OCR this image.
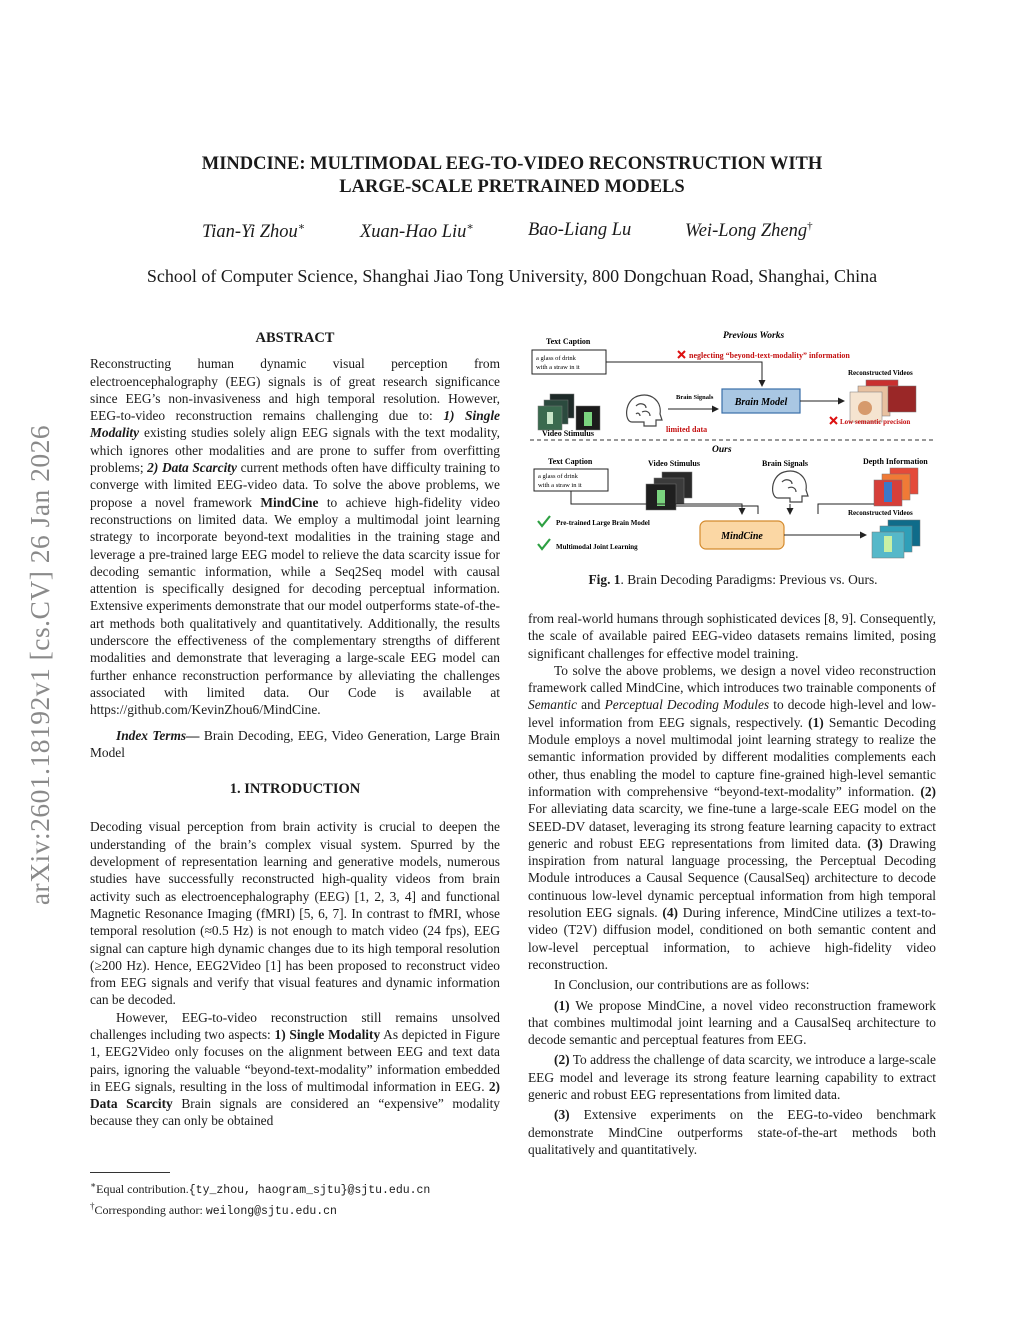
arXiv:2601.18192v1 [cs.CV] 26 Jan 2026
MINDCINE: MULTIMODAL EEG-TO-VIDEO RECONSTRUCTION WITH
LARGE-SCALE PRETRAINED MODELS
Tian-Yi Zhou∗	Xuan-Hao Liu∗	Bao-Liang Lu	Wei-Long Zheng†
School of Computer Science, Shanghai Jiao Tong University, 800 Dongchuan Road, Shanghai, China

ABSTRACT

Reconstructing human dynamic visual perception from electroencephalography (EEG) signals is of great research significance since EEG’s non-invasiveness and high temporal resolution. However, EEG-to-video reconstruction remains challenging due to: 1) Single Modality existing studies solely align EEG signals with the text modality, which ignores other modalities and are prone to suffer from overfitting problems; 2) Data Scarcity current methods often have difficulty training to converge with limited EEG-video data. To solve the above problems, we propose a novel framework MindCine to achieve high-fidelity video reconstructions on limited data. We employ a multimodal joint learning strategy to incorporate beyond-text modalities in the training stage and leverage a pre-trained large EEG model to relieve the data scarcity issue for decoding semantic information, while a Seq2Seq model with causal attention is specifically designed for decoding perceptual information. Extensive experiments demonstrate that our model outperforms state-of-the-art methods both qualitatively and quantitatively. Additionally, the results underscore the effectiveness of the complementary strengths of different modalities and demonstrate that leveraging a large-scale EEG model can further enhance reconstruction performance by alleviating the challenges associated with limited data. Our Code is available at https://github.com/KevinZhou6/MindCine.

Index Terms— Brain Decoding, EEG, Video Generation, Large Brain Model

1. INTRODUCTION

Decoding visual perception from brain activity is crucial to deepen the understanding of the brain’s complex visual system. Spurred by the development of representation learning and generative models, numerous studies have successfully reconstructed high-quality videos from brain activity such as electroencephalography (EEG) [1, 2, 3, 4] and functional Magnetic Resonance Imaging (fMRI) [5, 6, 7]. In contrast to fMRI, whose temporal resolution (≈0.5 Hz) is not enough to match video (24 fps), EEG signal can capture high dynamic changes due to its high temporal resolution (≥200 Hz). Hence, EEG2Video [1] has been proposed to reconstruct video from EEG signals and verify that visual features and dynamic information can be decoded.

However, EEG-to-video reconstruction still remains unsolved challenges including two aspects: 1) Single Modality As depicted in Figure 1, EEG2Video only focuses on the alignment between EEG and text data pairs, ignoring the valuable “beyond-text-modality” information embedded in EEG signals, resulting in the loss of multimodal information in EEG. 2) Data Scarcity Brain signals are considered an “expensive” modality because they can only be obtained

∗Equal contribution.{ty_zhou, haogram_sjtu}@sjtu.edu.cn
†Corresponding author: weilong@sjtu.edu.cn
Previous Works
Text Caption
a glass of drink
with a straw in it
neglecting “beyond-text-modality” information
Video Stimulus
Brain Signals Brain Model
limited data
Reconstructed Videos
Low semantic precision
Ours
Text Caption
a glass of drink
with a straw in it
Video Stimulus	Brain Signals	Depth Information
Reconstructed Videos
MindCine
Pre-trained Large Brain Model
Multimodal Joint Learning
Fig. 1. Brain Decoding Paradigms: Previous vs. Ours.

from real-world humans through sophisticated devices [8, 9]. Consequently, the scale of available paired EEG-video datasets remains limited, posing significant challenges for effective model training.

To solve the above problems, we design a novel video reconstruction framework called MindCine, which introduces two trainable components of Semantic and Perceptual Decoding Modules to decode high-level and low-level information from EEG signals, respectively. (1) Semantic Decoding Module employs a novel multimodal joint learning strategy to realize the semantic information provided by different modalities complements each other, thus enabling the model to capture fine-grained high-level semantic information with comprehensive “beyond-text-modality” information. (2) For alleviating data scarcity, we fine-tune a large-scale EEG model on the SEED-DV dataset, leveraging its strong feature learning capacity to extract generic and robust EEG representations from limited data. (3) Drawing inspiration from natural language processing, the Perceptual Decoding Module introduces a Causal Sequence (CausalSeq) architecture to decode continuous low-level dynamic perceptual information from high temporal resolution EEG signals. (4) During inference, MindCine utilizes a text-to-video (T2V) diffusion model, conditioned on both semantic content and low-level perceptual information, to achieve high-fidelity video reconstruction.

In Conclusion, our contributions are as follows:

(1) We propose MindCine, a novel video reconstruction framework that combines multimodal joint learning and a CausalSeq architecture to decode semantic and perceptual features from EEG.

(2) To address the challenge of data scarcity, we introduce a large-scale EEG model and leverage its strong feature learning capability to extract generic and robust EEG representations from limited data.

(3) Extensive experiments on the EEG-to-video benchmark demonstrate MindCine outperforms state-of-the-art methods both qualitatively and quantitatively.
